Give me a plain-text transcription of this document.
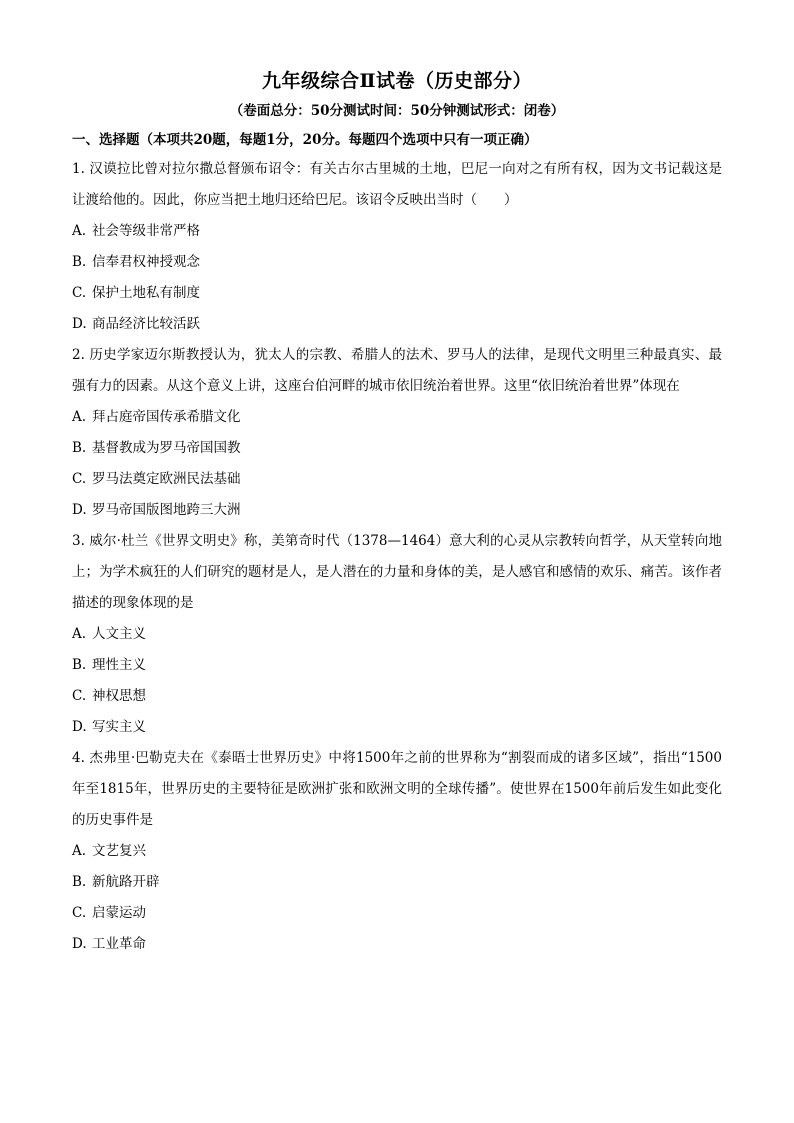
九年级综合Ⅱ试卷（历史部分）

（卷面总分：50分测试时间：50分钟测试形式：闭卷）

一、选择题（本项共20题，每题1分，20分。每题四个选项中只有一项正确）

1. 汉谟拉比曾对拉尔撒总督颁布诏令：有关古尔古里城的土地，巴尼一向对之有所有权，因为文书记载这是让渡给他的。因此，你应当把土地归还给巴尼。该诏令反映出当时（　　）

A. 社会等级非常严格

B. 信奉君权神授观念

C. 保护土地私有制度

D. 商品经济比较活跃

2. 历史学家迈尔斯教授认为，犹太人的宗教、希腊人的法术、罗马人的法律，是现代文明里三种最真实、最强有力的因素。从这个意义上讲，这座台伯河畔的城市依旧统治着世界。这里“依旧统治着世界”体现在

A. 拜占庭帝国传承希腊文化

B. 基督教成为罗马帝国国教

C. 罗马法奠定欧洲民法基础

D. 罗马帝国版图地跨三大洲

3. 威尔·杜兰《世界文明史》称，美第奇时代（1378—1464）意大利的心灵从宗教转向哲学，从天堂转向地上；为学术疯狂的人们研究的题材是人，是人潜在的力量和身体的美，是人感官和感情的欢乐、痛苦。该作者描述的现象体现的是

A. 人文主义

B. 理性主义

C. 神权思想

D. 写实主义

4. 杰弗里·巴勒克夫在《泰晤士世界历史》中将1500年之前的世界称为“割裂而成的诸多区域”，指出“1500年至1815年，世界历史的主要特征是欧洲扩张和欧洲文明的全球传播”。使世界在1500年前后发生如此变化的历史事件是

A. 文艺复兴

B. 新航路开辟

C. 启蒙运动

D. 工业革命
